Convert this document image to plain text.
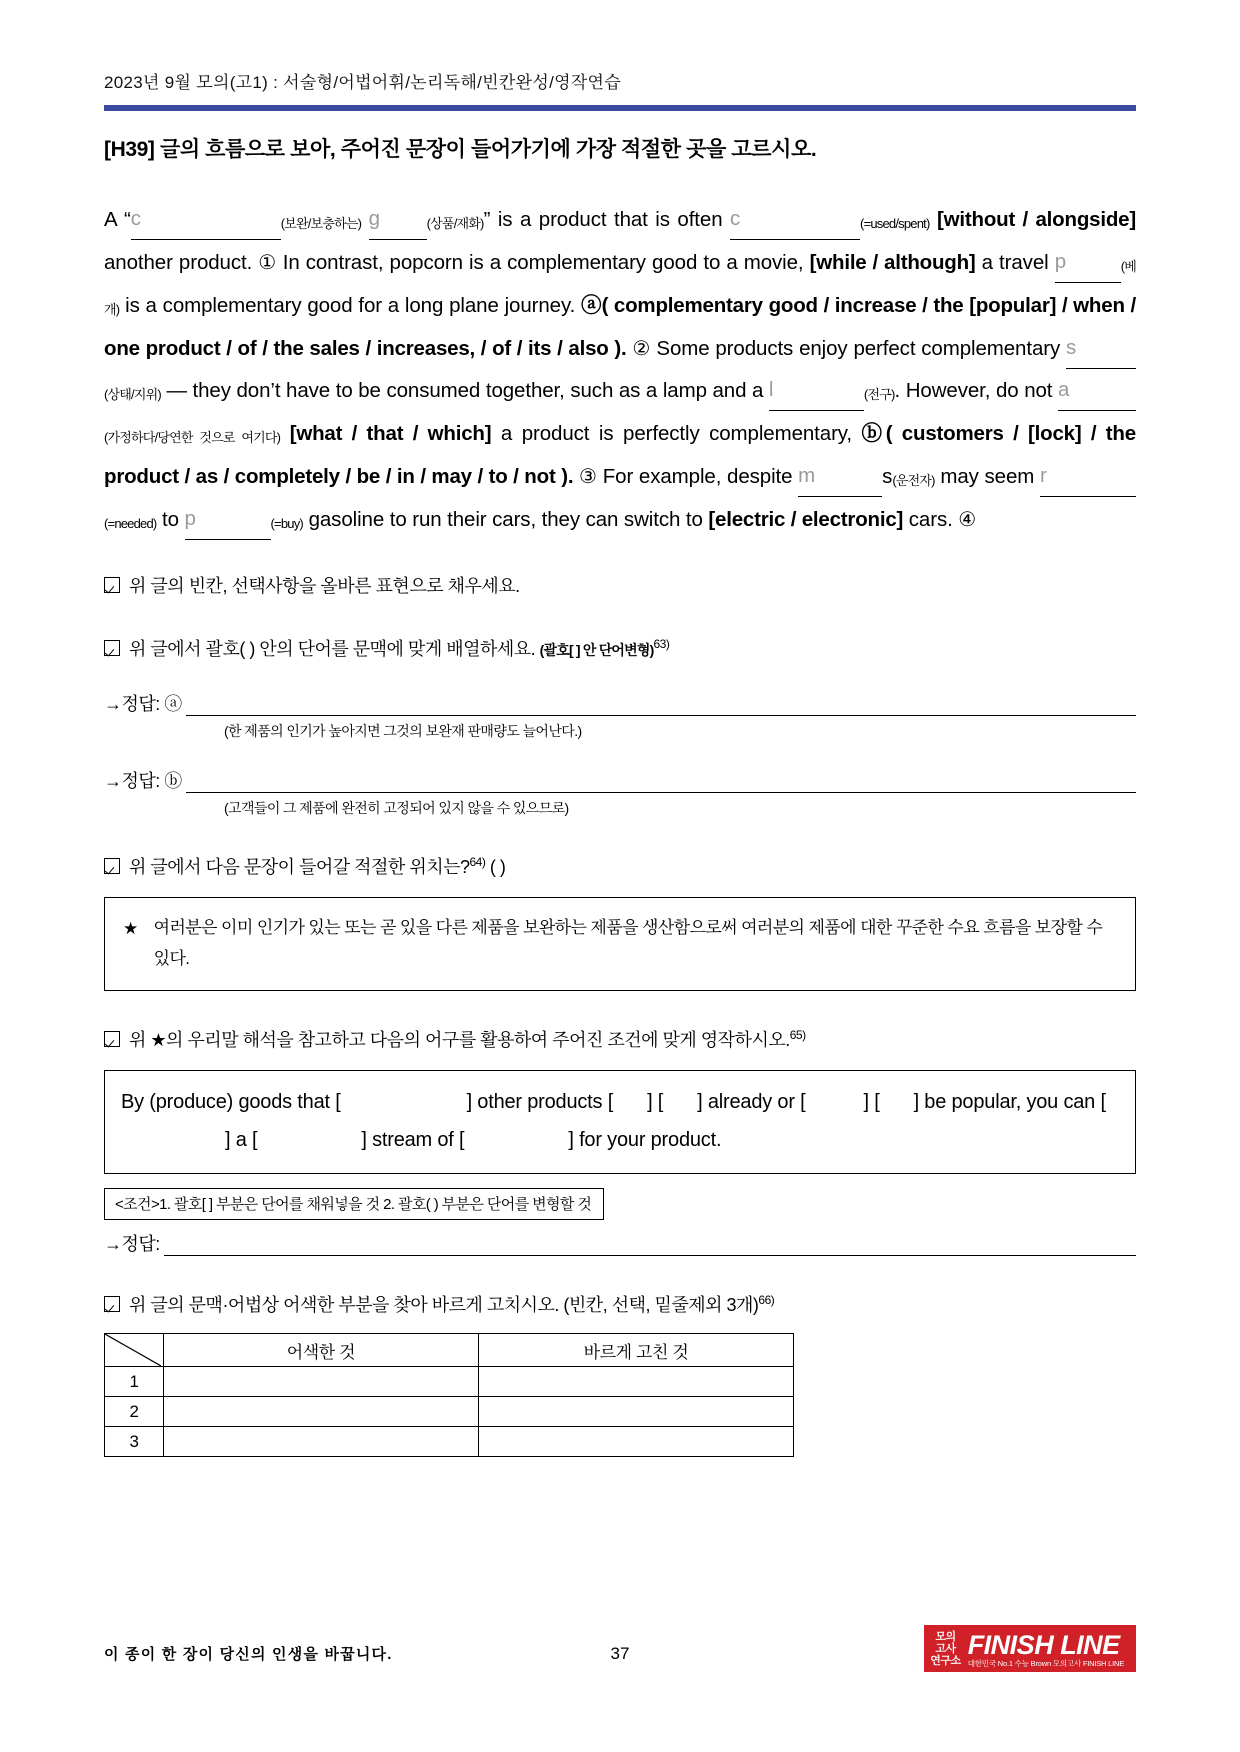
2023년 9월 모의(고1) : 서술형/어법어휘/논리독해/빈칸완성/영작연습
[H39] 글의 흐름으로 보아, 주어진 문장이 들어가기에 가장 적절한 곳을 고르시오.

A “c	(보완/보충하는) g	(상품/재화)” is a product that is often c	(=used/spent) [without / alongside] another product. ① In contrast, popcorn is a complementary good to a movie, [while / although] a travel p	(베개) is a complementary good for a long plane journey. ⓐ( complementary good / increase / the [popular] / when / one product / of / the sales / increases, / of / its / also ). ② Some products enjoy perfect complementary s(상태/지위) — they don’t have to be consumed together, such as a lamp and a l	(전구). However, do not a(가정하다/당연한 것으로 여기다) [what / that / which] a product is perfectly complementary, ⓑ( customers / [lock] / the product / as / completely / be / in / may / to / not ). ③ For example, despite m	s(운전자) may seem r(=needed) to p	(=buy) gasoline to run their cars, they can switch to [electric / electronic] cars. ④

위 글의 빈칸, 선택사항을 올바른 표현으로 채우세요.
위 글에서 괄호( ) 안의 단어를 문맥에 맞게 배열하세요. (괄호[ ] 안 단어변형)$^{63)}$
→정답: ⓐ
(한 제품의 인기가 높아지면 그것의 보완재 판매량도 늘어난다.)
→정답: ⓑ
(고객들이 그 제품에 완전히 고정되어 있지 않을 수 있으므로)
위 글에서 다음 문장이 들어갈 적절한 위치는?$^{64)}$ ( )
★ 여러분은 이미 인기가 있는 또는 곧 있을 다른 제품을 보완하는 제품을 생산함으로써 여러분의 제품에 대한 꾸준한 수요 흐름을 보장할 수 있다.
위 ★의 우리말 해석을 참고하고 다음의 어구를 활용하여 주어진 조건에 맞게 영작하시오.$^{65)}$
By (produce) goods that [	] other products [ ] [ ] already or [	] [ ] be popular, you can [] a [	] stream of [	] for your product.
<조건>1. 괄호[ ] 부분은 단어를 채워넣을 것 2. 괄호( ) 부분은 단어를 변형할 것
→정답:
위 글의 문맥·어법상 어색한 부분을 찾아 바르게 고치시오. (빈칸, 선택, 밑줄제외 3개)$^{66)}$
	어색한 것	바르게 고친 것
1		
2		
3		
이 종이 한 장이 당신의 인생을 바꿉니다.	37
모의
고사
연구소
FINISH LINE
대한민국 No.1 수능 Brown 모의고사 FINISH LINE
